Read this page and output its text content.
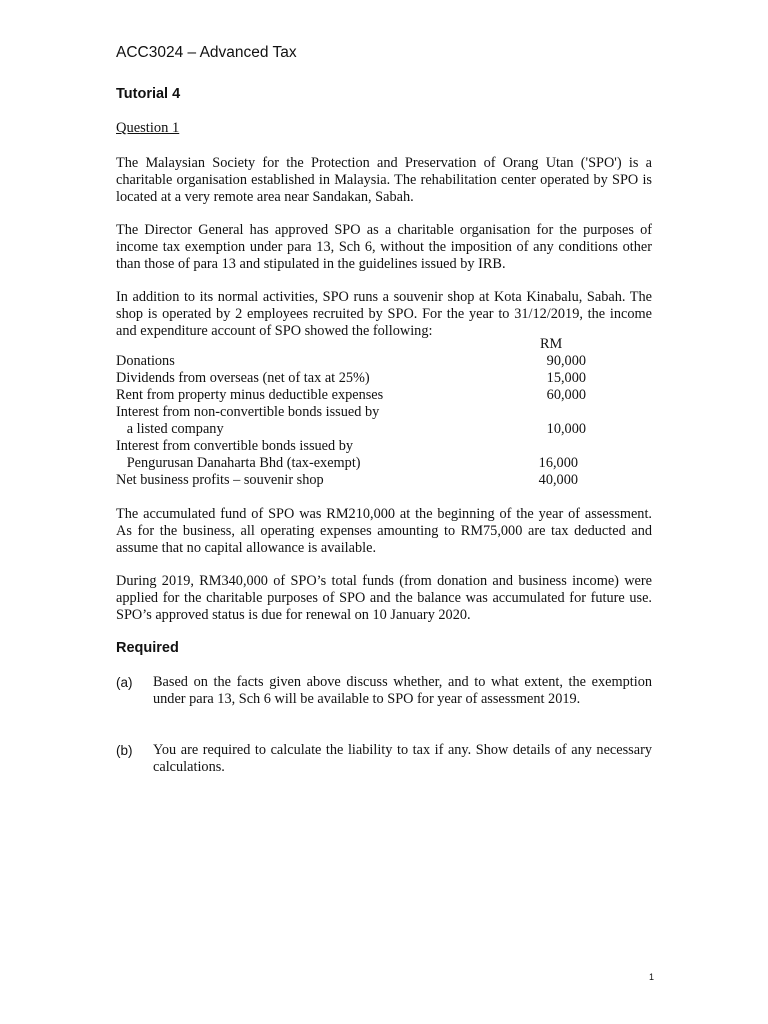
ACC3024 – Advanced Tax
Tutorial 4
Question 1

The Malaysian Society for the Protection and Preservation of Orang Utan ('SPO') is a charitable organisation established in Malaysia. The rehabilitation center operated by SPO is located at a very remote area near Sandakan, Sabah.

The Director General has approved SPO as a charitable organisation for the purposes of income tax exemption under para 13, Sch 6, without the imposition of any conditions other than those of para 13 and stipulated in the guidelines issued by IRB.

In addition to its normal activities, SPO runs a souvenir shop at Kota Kinabalu, Sabah. The shop is operated by 2 employees recruited by SPO. For the year to 31/12/2019, the income and expenditure account of SPO showed the following:

RM
Donations	90,000
Dividends from overseas (net of tax at 25%)	15,000
Rent from property minus deductible expenses	60,000
Interest from non-convertible bonds issued by
a listed company	10,000
Interest from convertible bonds issued by
Pengurusan Danaharta Bhd (tax-exempt)	16,000
Net business profits – souvenir shop	40,000

The accumulated fund of SPO was RM210,000 at the beginning of the year of assessment. As for the business, all operating expenses amounting to RM75,000 are tax deducted and assume that no capital allowance is available.

During 2019, RM340,000 of SPO’s total funds (from donation and business income) were applied for the charitable purposes of SPO and the balance was accumulated for future use. SPO’s approved status is due for renewal on 10 January 2020.

Required
(a) Based on the facts given above discuss whether, and to what extent, the exemption under para 13, Sch 6 will be available to SPO for year of assessment 2019.
(b) You are required to calculate the liability to tax if any. Show details of any necessary calculations.
1
